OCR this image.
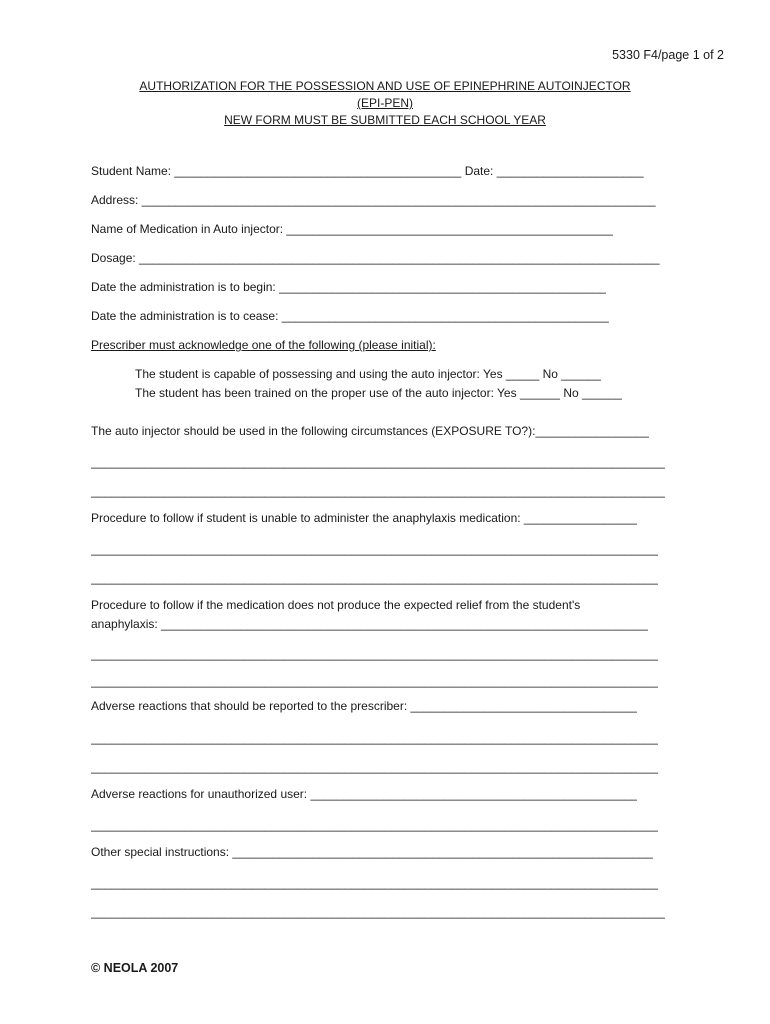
5330 F4/page 1 of 2
AUTHORIZATION FOR THE POSSESSION AND USE OF EPINEPHRINE AUTOINJECTOR
(EPI-PEN)
NEW FORM MUST BE SUBMITTED EACH SCHOOL YEAR
Student Name: ___________________________________________ Date: ______________________
Address: _____________________________________________________________________________
Name of Medication in Auto injector: _________________________________________________
Dosage: ______________________________________________________________________________
Date the administration is to begin: _________________________________________________
Date the administration is to cease: _________________________________________________
Prescriber must acknowledge one of the following (please initial):
The student is capable of possessing and using the auto injector: Yes _____ No ______
The student has been trained on the proper use of the auto injector: Yes ______ No ______
The auto injector should be used in the following circumstances (EXPOSURE TO?):_________________
______________________________________________________________________________________
______________________________________________________________________________________
Procedure to follow if student is unable to administer the anaphylaxis medication: _________________
_____________________________________________________________________________________
_____________________________________________________________________________________
Procedure to follow if the medication does not produce the expected relief from the student's
anaphylaxis: _________________________________________________________________________
_____________________________________________________________________________________
_____________________________________________________________________________________
Adverse reactions that should be reported to the prescriber: __________________________________
_____________________________________________________________________________________
_____________________________________________________________________________________
Adverse reactions for unauthorized user: _________________________________________________
_____________________________________________________________________________________
Other special instructions: _______________________________________________________________
_____________________________________________________________________________________
______________________________________________________________________________________
© NEOLA 2007
